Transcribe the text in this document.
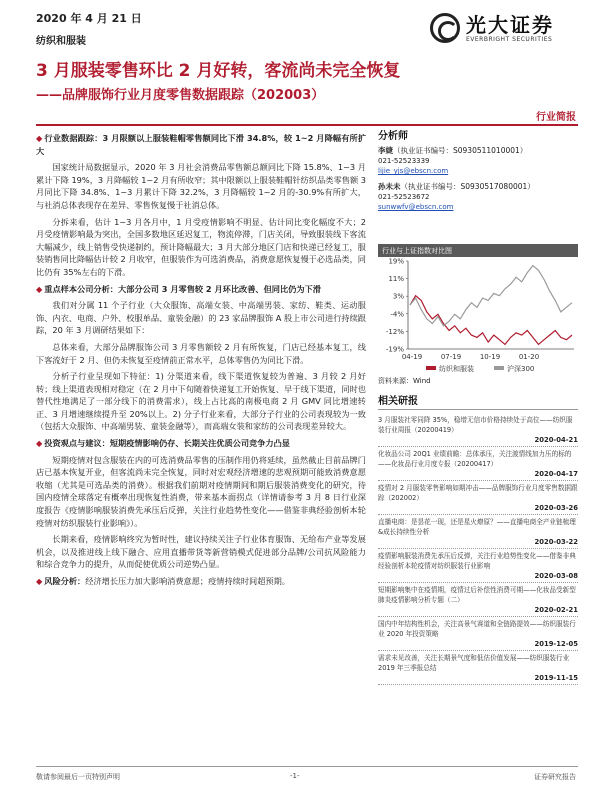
2020 年 4 月 21 日
纺织和服装
光大证券
EVERBRIGHT SECURITIES
3 月服装零售环比 2 月好转，客流尚未完全恢复
——品牌服饰行业月度零售数据跟踪（202003）
行业简报

◆ 行业数据跟踪：3 月限额以上服装鞋帽零售额同比下滑 34.8%，较 1~2 月降幅有所扩大

国家统计局数据显示，2020 年 3 月社会消费品零售额总额同比下降 15.8%、1~3 月累计下降 19%，3 月降幅较 1~2 月有所收窄；其中限额以上服装鞋帽针纺织品类零售额 3 月同比下降 34.8%、1~3 月累计下降 32.2%，3 月降幅较 1~2 月的-30.9%有所扩大，与社消总体表现存在差异、零售恢复慢于社消总体。

分拆来看，估计 1~3 月各月中，1 月受疫情影响不明显、估计同比变化幅度不大；2 月受疫情影响最为突出，全国多数地区延迟复工，物流停滞，门店关闭，导致服装线下客流大幅减少，线上销售受快递制约，预计降幅最大；3 月大部分地区门店和快递已经复工，服装销售同比降幅估计较 2 月收窄，但服装作为可选消费品，消费意愿恢复慢于必选品类，同比仍有 35%左右的下滑。

◆ 重点样本公司分析：大部分公司 3 月零售较 2 月环比改善、但同比仍为下滑

我们对分属 11 个子行业（大众服饰、高端女装、中高端男装、家纺、鞋类、运动服饰、内衣、电商、户外、校服单品、童装金融）的 23 家品牌服饰 A 股上市公司进行持续跟踪，20 年 3 月调研结果如下：

总体来看，大部分品牌服饰公司 3 月零售额较 2 月有所恢复，门店已经基本复工，线下客流好于 2 月、但仍未恢复至疫情前正常水平，总体零售仍为同比下滑。

分析子行业呈现如下特征：1) 分渠道来看，线下渠道恢复较为普遍、3 月较 2 月好转；线上渠道表现相对稳定（在 2 月中下旬随着快递复工开始恢复、早于线下渠道，同时也替代性地满足了一部分线下的消费需求），线上占比高的南极电商 2 月 GMV 同比增速转正、3 月增速继续提升至 20%以上。2) 分子行业来看，大部分子行业的公司表现较为一致（包括大众服饰、中高端男装、童装金融等），而高端女装和家纺的公司表现差异较大。

◆ 投资观点与建议：短期疫情影响仍存、长期关注优质公司竞争力凸显

短期疫情对包含服装在内的可选消费品零售的压制作用仍将延续，虽然截止目前品牌门店已基本恢复开业，但客流尚未完全恢复，同时对宏观经济增速的悲观预期可能致消费意愿收缩（尤其是可选品类的消费）。根据我们前期对疫情期间和期后服装消费变化的研究，待国内疫情全球落定有概率出现恢复性消费，带来基本面拐点（详情请参考 3 月 8 日行业深度报告《疫情影响服装消费先承压后反弹，关注行业趋势性变化——借鉴非典经验剖析本轮疫情对纺织服装行业影响》）。

长期来看，疫情影响终究为暂时性，建议持续关注子行业体育服饰、无给布产业等发展机会，以及推进线上线下融合、应用直播带货等新营销模式促进部分品牌/公司抗风险能力和综合竞争力的提升，从而促使优质公司逆势凸显。

◆ 风险分析：经济增长压力加大影响消费意愿；疫情持续时间超预期。

分析师
李婕（执业证书编号：S0930511010001）
021-52523339
lijie_yjs@ebscn.com
孙未未（执业证书编号：S0930517080001）
021-52523672
sunwwfv@ebscn.com
行业与上证指数对比图
-19%
-12%
-4%
3%
11%
19%
04-19	07-19	10-19	01-20
纺织和服装	沪深300
资料来源：Wind
相关研报
3 月服装社零同降 35%，稳增无信市价格持续处于高位——纺织服装行业周报（20200419）
2020-04-21
化妆品公司 20Q1 业绩前瞻：总体承压，关注渡情线加力压的标的——化妆品行业月度专报（20200417）
2020-04-17
疫情对 2 月服装零售影响如期冲击——品牌服饰行业月度零售数据跟踪（202002）
2020-03-26
直播电商：是昙花一现，还是星火燎原？——直播电商全产业链梳理&成长持续性分析
2020-03-22
疫情影响服装消费先承压后反弹，关注行业趋势性变化——借鉴非典经验剖析本轮疫情对纺织服装行业影响
2020-03-08
短期影响集中在疫情期，疫情过后补偿性消费可期——化妆品受新型肺炎疫情影响分析专题（二）
2020-02-21
国内中年结构性机会，关注高景气赛道和全链路提效——纺织服装行业 2020 年投资策略
2019-12-05
需求未见改善，关注长期景气度和低估价值发展——纺织服装行业 2019 年三季报总结
2019-11-15
敬请参阅最后一页特别声明	-1-	证券研究报告
